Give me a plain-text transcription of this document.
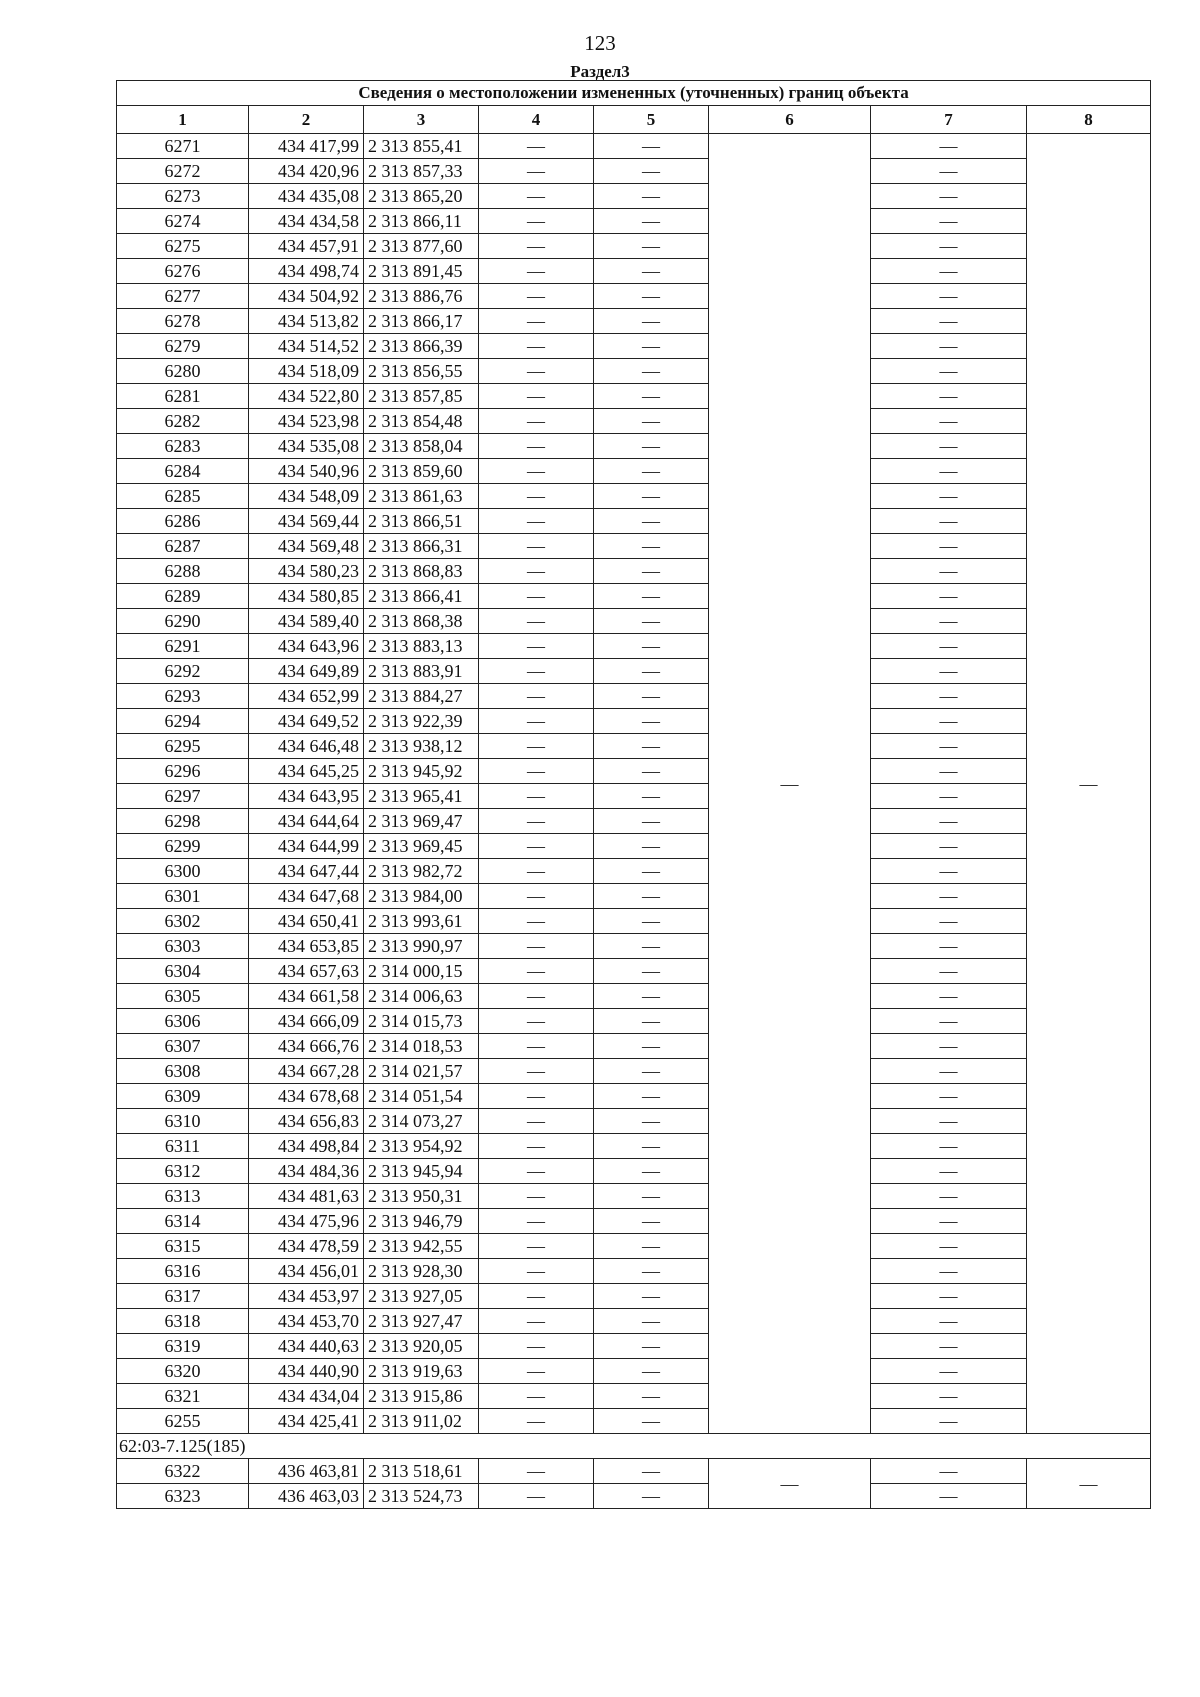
123
Раздел3
Сведения о местоположении измененных (уточненных) границ объекта							
1	2	3	4	5	6	7	8
6271	434 417,99	2 313 855,41	—	—	—	—	—
6272	434 420,96	2 313 857,33	—	—		—	
6273	434 435,08	2 313 865,20	—	—		—	
6274	434 434,58	2 313 866,11	—	—		—	
6275	434 457,91	2 313 877,60	—	—		—	
6276	434 498,74	2 313 891,45	—	—		—	
6277	434 504,92	2 313 886,76	—	—		—	
6278	434 513,82	2 313 866,17	—	—		—	
6279	434 514,52	2 313 866,39	—	—		—	
6280	434 518,09	2 313 856,55	—	—		—	
6281	434 522,80	2 313 857,85	—	—		—	
6282	434 523,98	2 313 854,48	—	—		—	
6283	434 535,08	2 313 858,04	—	—		—	
6284	434 540,96	2 313 859,60	—	—		—	
6285	434 548,09	2 313 861,63	—	—		—	
6286	434 569,44	2 313 866,51	—	—		—	
6287	434 569,48	2 313 866,31	—	—		—	
6288	434 580,23	2 313 868,83	—	—		—	
6289	434 580,85	2 313 866,41	—	—		—	
6290	434 589,40	2 313 868,38	—	—		—	
6291	434 643,96	2 313 883,13	—	—		—	
6292	434 649,89	2 313 883,91	—	—		—	
6293	434 652,99	2 313 884,27	—	—		—	
6294	434 649,52	2 313 922,39	—	—		—	
6295	434 646,48	2 313 938,12	—	—		—	
6296	434 645,25	2 313 945,92	—	—		—	
6297	434 643,95	2 313 965,41	—	—		—	
6298	434 644,64	2 313 969,47	—	—		—	
6299	434 644,99	2 313 969,45	—	—		—	
6300	434 647,44	2 313 982,72	—	—		—	
6301	434 647,68	2 313 984,00	—	—		—	
6302	434 650,41	2 313 993,61	—	—		—	
6303	434 653,85	2 313 990,97	—	—		—	
6304	434 657,63	2 314 000,15	—	—		—	
6305	434 661,58	2 314 006,63	—	—		—	
6306	434 666,09	2 314 015,73	—	—		—	
6307	434 666,76	2 314 018,53	—	—		—	
6308	434 667,28	2 314 021,57	—	—		—	
6309	434 678,68	2 314 051,54	—	—		—	
6310	434 656,83	2 314 073,27	—	—		—	
6311	434 498,84	2 313 954,92	—	—		—	
6312	434 484,36	2 313 945,94	—	—		—	
6313	434 481,63	2 313 950,31	—	—		—	
6314	434 475,96	2 313 946,79	—	—		—	
6315	434 478,59	2 313 942,55	—	—		—	
6316	434 456,01	2 313 928,30	—	—		—	
6317	434 453,97	2 313 927,05	—	—		—	
6318	434 453,70	2 313 927,47	—	—		—	
6319	434 440,63	2 313 920,05	—	—		—	
6320	434 440,90	2 313 919,63	—	—		—	
6321	434 434,04	2 313 915,86	—	—		—	
6255	434 425,41	2 313 911,02	—	—		—	
62:03-7.125(185)							
6322	436 463,81	2 313 518,61	—	—	—	—	—
6323	436 463,03	2 313 524,73	—	—		—	
